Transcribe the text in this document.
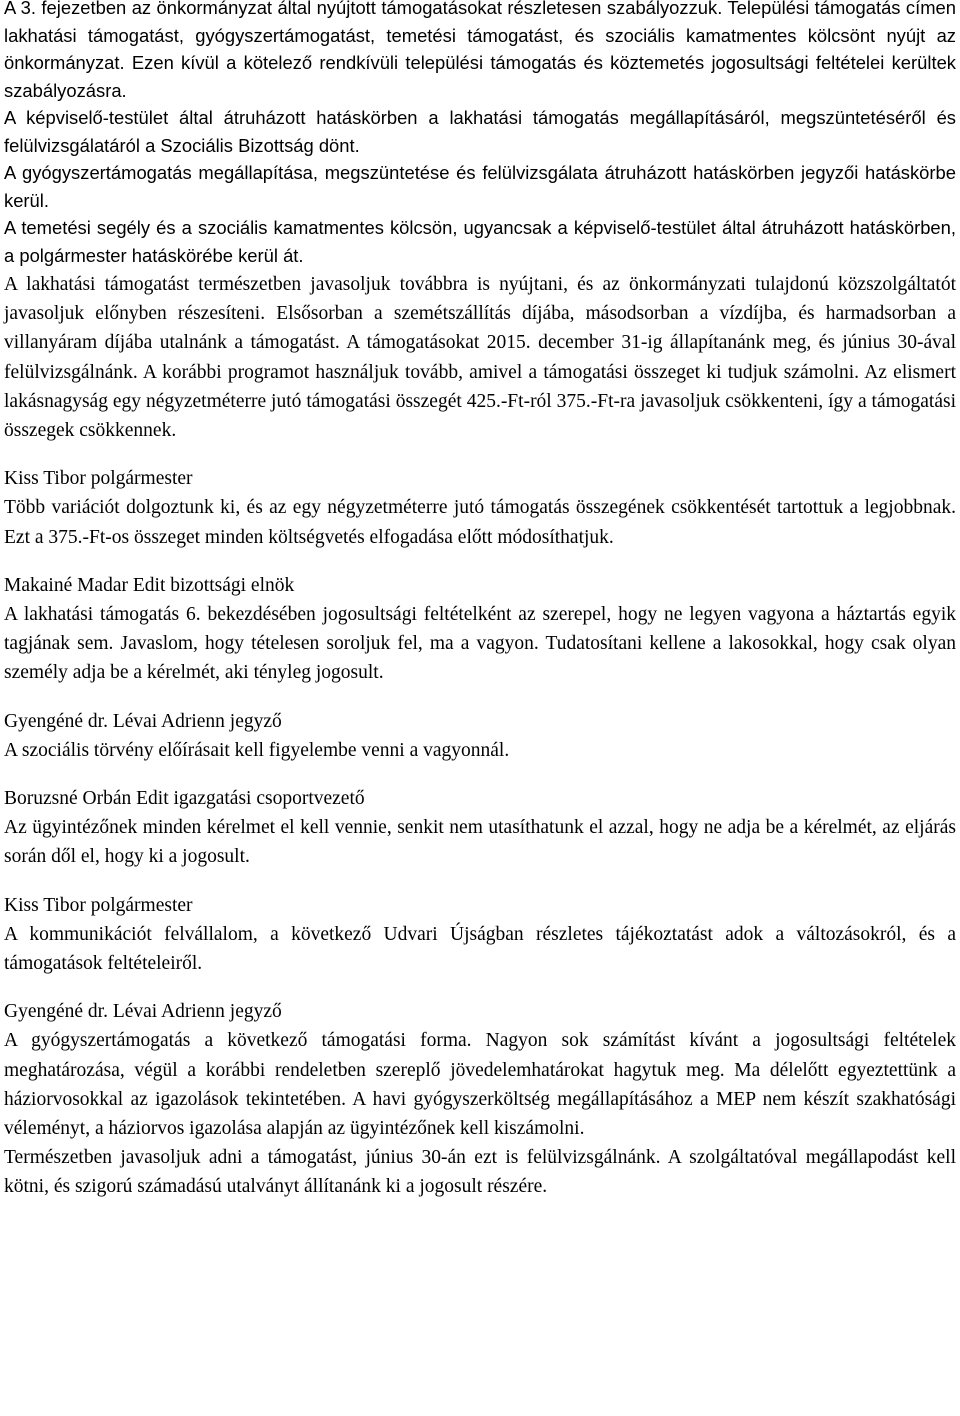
A 3. fejezetben az önkormányzat által nyújtott támogatásokat részletesen szabályozzuk. Települési támogatás címen lakhatási támogatást, gyógyszertámogatást, temetési támogatást, és szociális kamatmentes kölcsönt nyújt az önkormányzat. Ezen kívül a kötelező rendkívüli települési támogatás és köztemetés jogosultsági feltételei kerültek szabályozásra.

A képviselő-testület által átruházott hatáskörben a lakhatási támogatás megállapításáról, megszüntetéséről és felülvizsgálatáról a Szociális Bizottság dönt.

A gyógyszertámogatás megállapítása, megszüntetése és felülvizsgálata átruházott hatáskörben jegyzői hatáskörbe kerül.

A temetési segély és a szociális kamatmentes kölcsön, ugyancsak a képviselő-testület által átruházott hatáskörben, a polgármester hatáskörébe kerül át.

A lakhatási támogatást természetben javasoljuk továbbra is nyújtani, és az önkormányzati tulajdonú közszolgáltatót javasoljuk előnyben részesíteni. Elsősorban a szemétszállítás díjába, másodsorban a vízdíjba, és harmadsorban a villanyáram díjába utalnánk a támogatást. A támogatásokat 2015. december 31-ig állapítanánk meg, és június 30-ával felülvizsgálnánk. A korábbi programot használjuk tovább, amivel a támogatási összeget ki tudjuk számolni. Az elismert lakásnagyság egy négyzetméterre jutó támogatási összegét 425.-Ft-ról 375.-Ft-ra javasoljuk csökkenteni, így a támogatási összegek csökkennek.

Kiss Tibor polgármester

Több variációt dolgoztunk ki, és az egy négyzetméterre jutó támogatás összegének csökkentését tartottuk a legjobbnak. Ezt a 375.-Ft-os összeget minden költségvetés elfogadása előtt módosíthatjuk.

Makainé Madar Edit bizottsági elnök

A lakhatási támogatás 6. bekezdésében jogosultsági feltételként az szerepel, hogy ne legyen vagyona a háztartás egyik tagjának sem. Javaslom, hogy tételesen soroljuk fel, ma a vagyon. Tudatosítani kellene a lakosokkal, hogy csak olyan személy adja be a kérelmét, aki tényleg jogosult.

Gyengéné dr. Lévai Adrienn jegyző

A szociális törvény előírásait kell figyelembe venni a vagyonnál.

Boruzsné Orbán Edit igazgatási csoportvezető

Az ügyintézőnek minden kérelmet el kell vennie, senkit nem utasíthatunk el azzal, hogy ne adja be a kérelmét, az eljárás során dől el, hogy ki a jogosult.

Kiss Tibor polgármester

A kommunikációt felvállalom, a következő Udvari Újságban részletes tájékoztatást adok a változásokról, és a támogatások feltételeiről.

Gyengéné dr. Lévai Adrienn jegyző

A gyógyszertámogatás a következő támogatási forma. Nagyon sok számítást kívánt a jogosultsági feltételek meghatározása, végül a korábbi rendeletben szereplő jövedelemhatárokat hagytuk meg. Ma délelőtt egyeztettünk a háziorvosokkal az igazolások tekintetében. A havi gyógyszerköltség megállapításához a MEP nem készít szakhatósági véleményt, a háziorvos igazolása alapján az ügyintézőnek kell kiszámolni.

Természetben javasoljuk adni a támogatást, június 30-án ezt is felülvizsgálnánk. A szolgáltatóval megállapodást kell kötni, és szigorú számadású utalványt állítanánk ki a jogosult részére.
